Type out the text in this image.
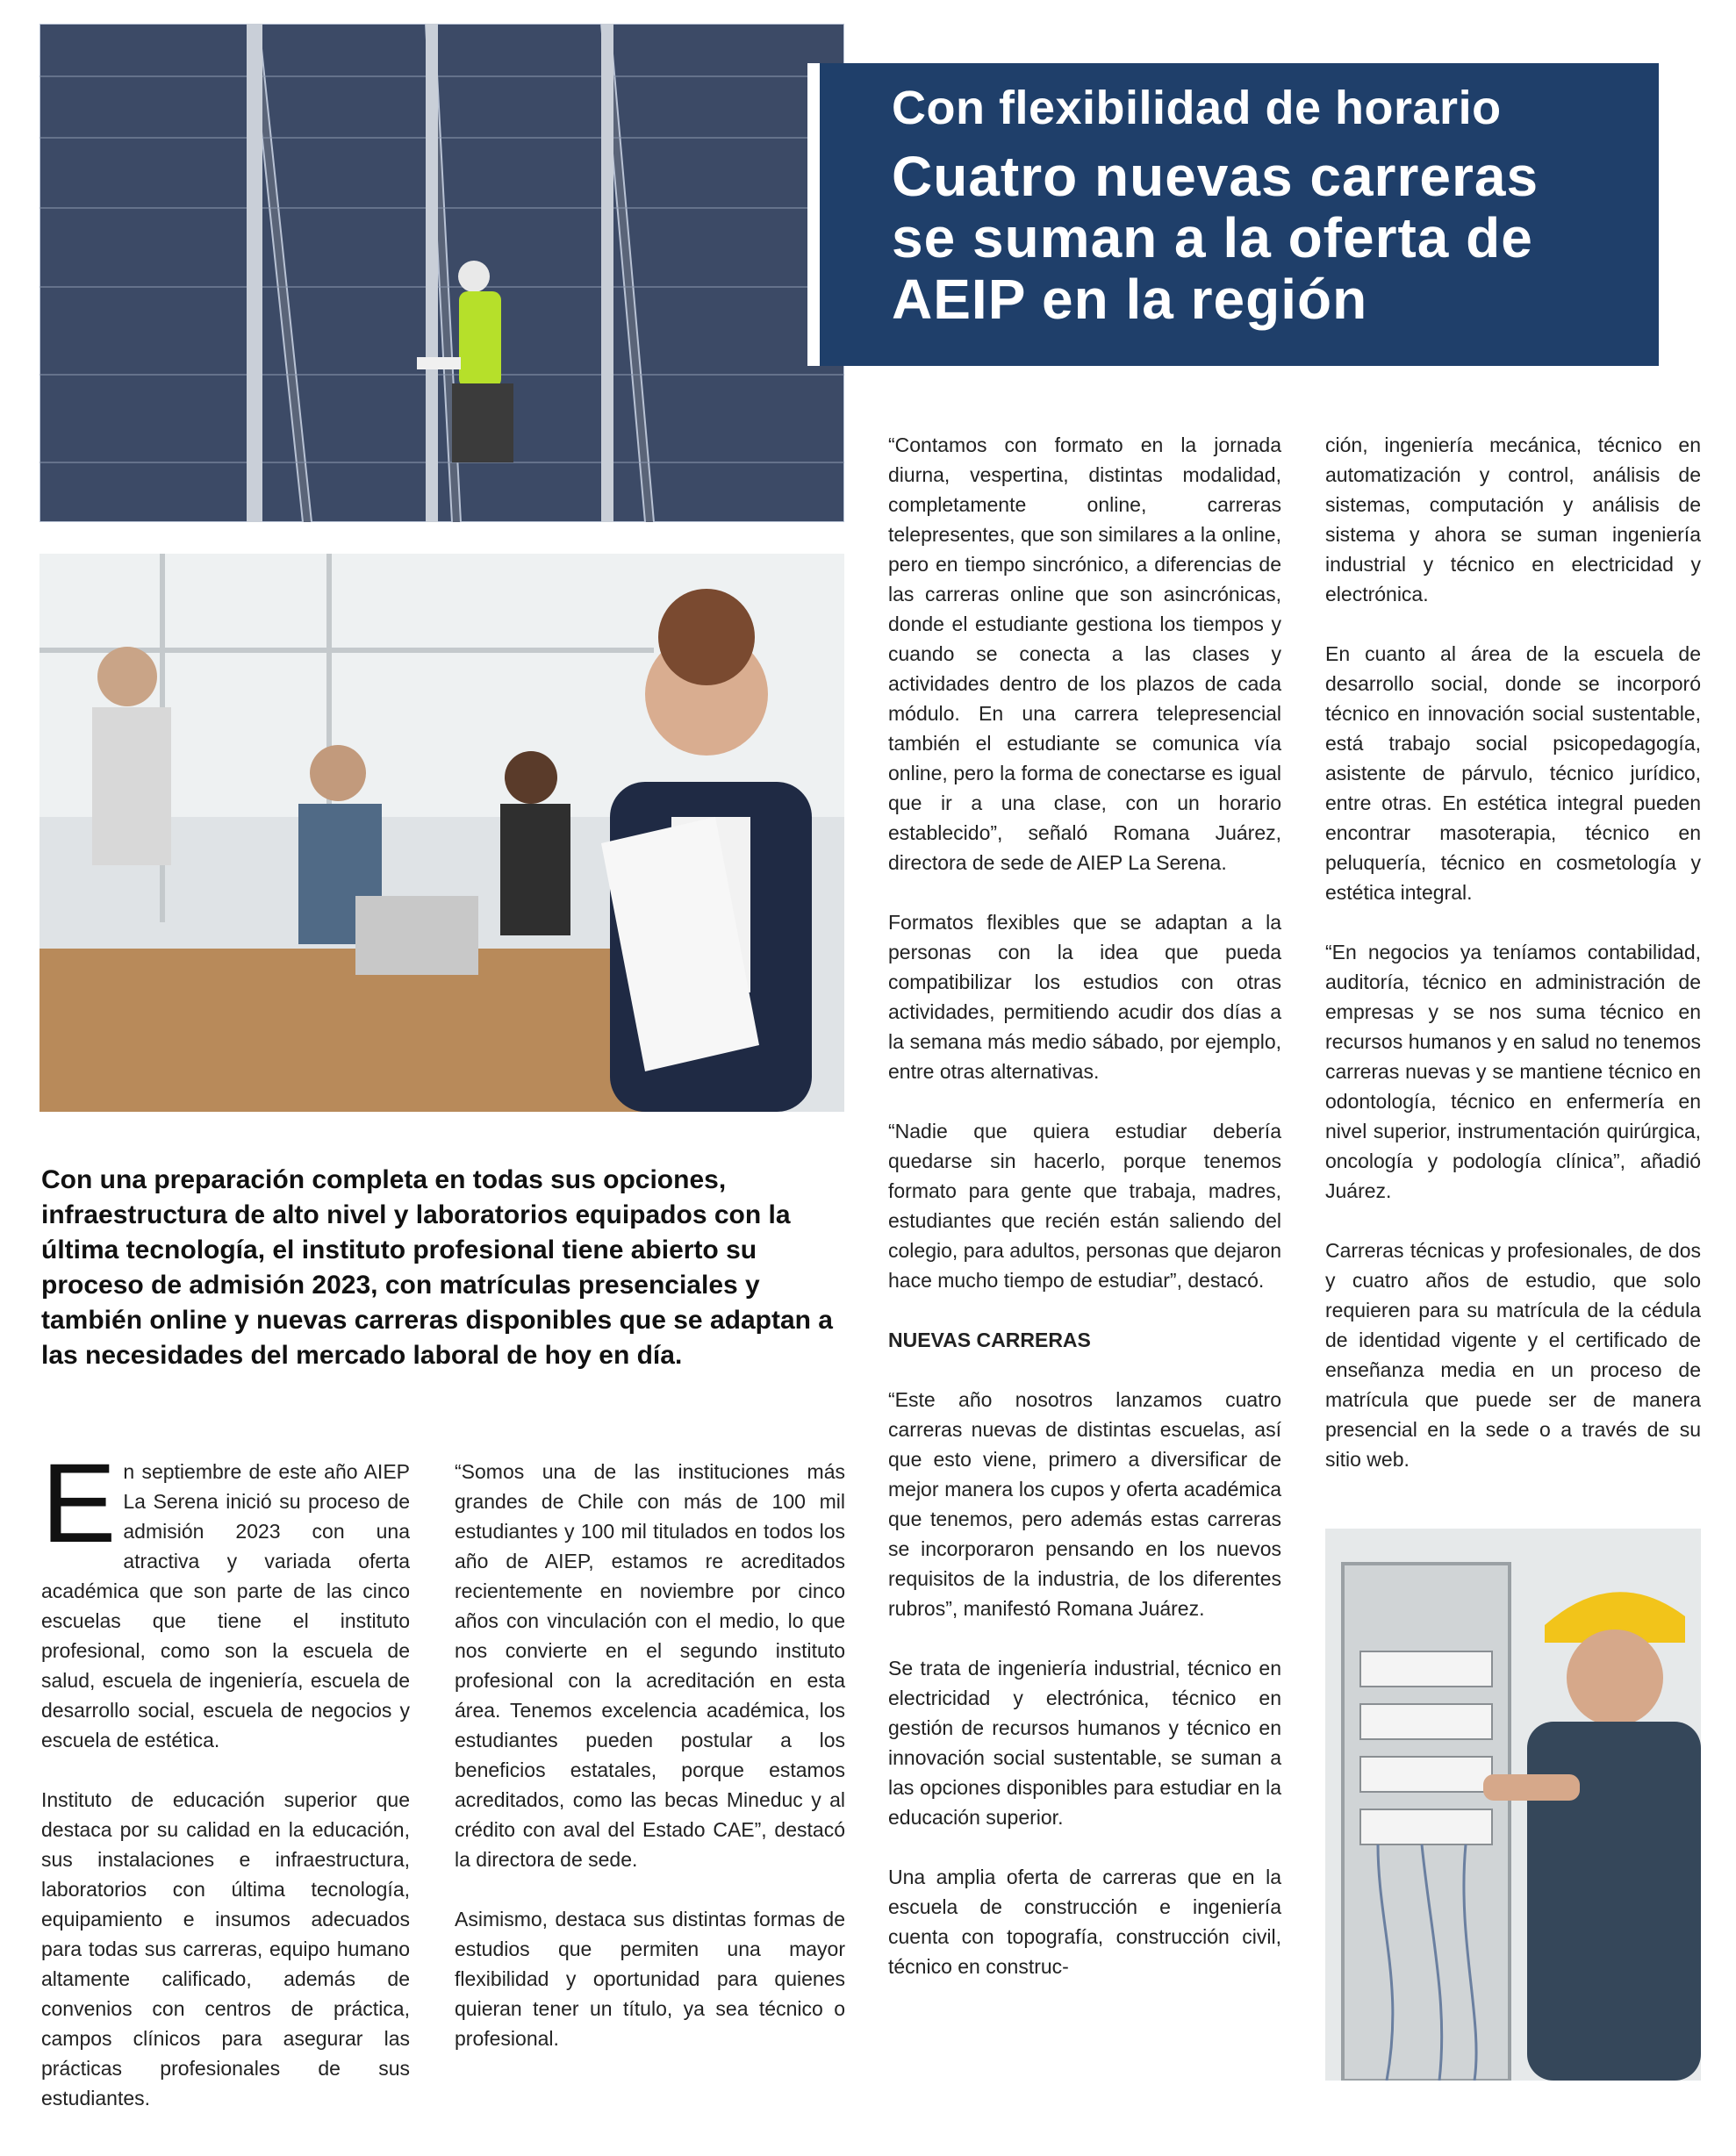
Con flexibilidad de horario
Cuatro nuevas carreras se suman a la oferta de AEIP en la región
Con una preparación completa en todas sus opciones, infraestructura de alto nivel y laboratorios equipados con la última tecnología, el instituto profesional tiene abierto su proceso de admisión 2023, con matrículas presenciales y también online y nuevas carreras disponibles que se adaptan a las necesidades del mercado laboral de hoy en día.

En septiembre de este año AIEP La Serena inició su proceso de admisión 2023 con una atractiva y variada oferta académica que son parte de las cinco escuelas que tiene el instituto profesional, como son la escuela de salud, escuela de ingeniería, escuela de desarrollo social, escuela de negocios y escuela de estética.

Instituto de educación superior que destaca por su calidad en la educación, sus instalaciones e infraestructura, laboratorios con última tecnología, equipamiento e insumos adecuados para todas sus carreras, equipo humano altamente calificado, además de convenios con centros de práctica, campos clínicos para asegurar las prácticas profesionales de sus estudiantes.

“Somos una de las instituciones más grandes de Chile con más de 100 mil estudiantes y 100 mil titulados en todos los año de AIEP, estamos re acreditados recientemente en noviembre por cinco años con vinculación con el medio, lo que nos convierte en el segundo instituto profesional con la acreditación en esta área. Tenemos excelencia académica, los estudiantes pueden postular a los beneficios estatales, porque estamos acreditados, como las becas Mineduc y al crédito con aval del Estado CAE”, destacó la directora de sede.

Asimismo, destaca sus distintas formas de estudios que permiten una mayor flexibilidad y oportunidad para quienes quieran tener un título, ya sea técnico o profesional.

“Contamos con formato en la jornada diurna, vespertina, distintas modalidad, completamente online, carreras telepresentes, que son similares a la online, pero en tiempo sincrónico, a diferencias de las carreras online que son asincrónicas, donde el estudiante gestiona los tiempos y cuando se conecta a las clases y actividades dentro de los plazos de cada módulo. En una carrera telepresencial también el estudiante se comunica vía online, pero la forma de conectarse es igual que ir a una clase, con un horario establecido”, señaló Romana Juárez, directora de sede de AIEP La Serena.

Formatos flexibles que se adaptan a la personas con la idea que pueda compatibilizar los estudios con otras actividades, permitiendo acudir dos días a la semana más medio sábado, por ejemplo, entre otras alternativas.

“Nadie que quiera estudiar debería quedarse sin hacerlo, porque tenemos formato para gente que trabaja, madres, estudiantes que recién están saliendo del colegio, para adultos, personas que dejaron hace mucho tiempo de estudiar”, destacó.

NUEVAS CARRERAS

“Este año nosotros lanzamos cuatro carreras nuevas de distintas escuelas, así que esto viene, primero a diversificar de mejor manera los cupos y oferta académica que tenemos, pero además estas carreras se incorporaron pensando en los nuevos requisitos de la industria, de los diferentes rubros”, manifestó Romana Juárez.

Se trata de ingeniería industrial, técnico en electricidad y electrónica, técnico en gestión de recursos humanos y técnico en innovación social sustentable, se suman a las opciones disponibles para estudiar en la educación superior.

Una amplia oferta de carreras que en la escuela de construcción e ingeniería cuenta con topografía, construcción civil, técnico en construc-

ción, ingeniería mecánica, técnico en automatización y control, análisis de sistemas, computación y análisis de sistema y ahora se suman ingeniería industrial y técnico en electricidad y electrónica.

En cuanto al área de la escuela de desarrollo social, donde se incorporó técnico en innovación social sustentable, está trabajo social psicopedagogía, asistente de párvulo, técnico jurídico, entre otras. En estética integral pueden encontrar masoterapia, técnico en peluquería, técnico en cosmetología y estética integral.

“En negocios ya teníamos contabilidad, auditoría, técnico en administración de empresas y se nos suma técnico en recursos humanos y en salud no tenemos carreras nuevas y se mantiene técnico en odontología, técnico en enfermería en nivel superior, instrumentación quirúrgica, oncología y podología clínica”, añadió Juárez.

Carreras técnicas y profesionales, de dos y cuatro años de estudio, que solo requieren para su matrícula de la cédula de identidad vigente y el certificado de enseñanza media en un proceso de matrícula que puede ser de manera presencial en la sede o a través de su sitio web.
